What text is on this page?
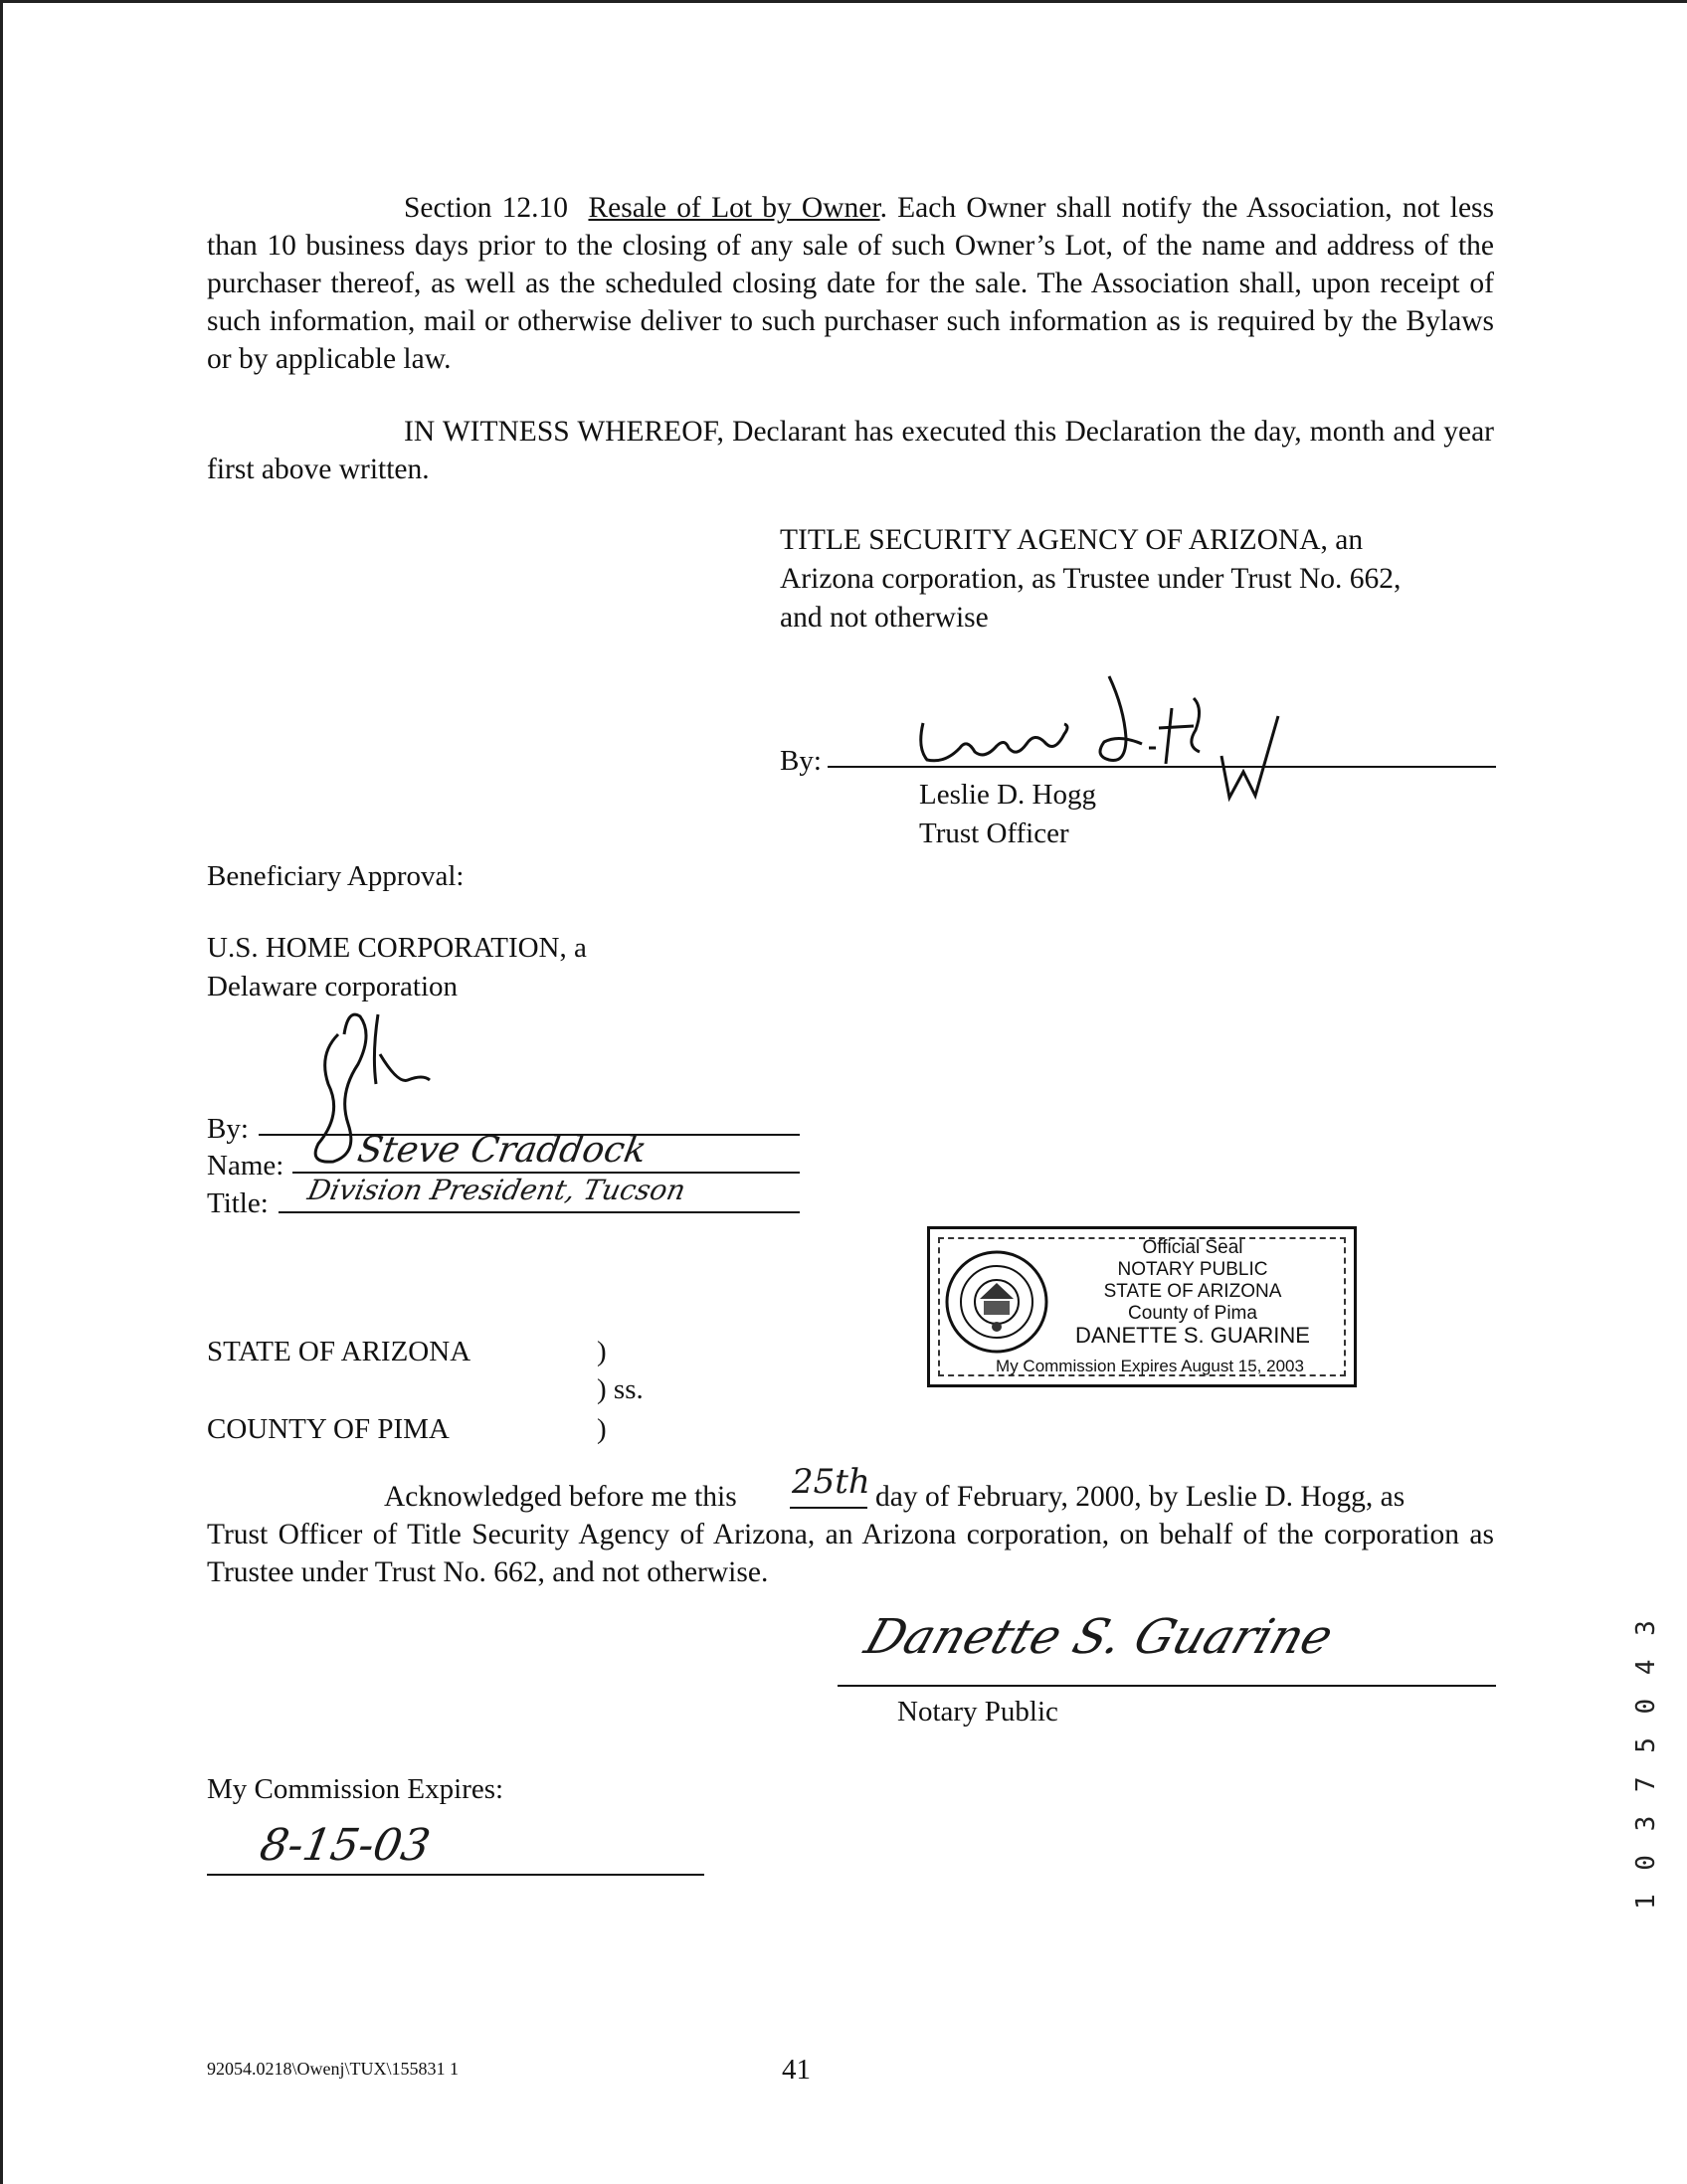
Section 12.10 Resale of Lot by Owner. Each Owner shall notify the Association, not less than 10 business days prior to the closing of any sale of such Owner’s Lot, of the name and address of the purchaser thereof, as well as the scheduled closing date for the sale. The Association shall, upon receipt of such information, mail or otherwise deliver to such purchaser such information as is required by the Bylaws or by applicable law.
IN WITNESS WHEREOF, Declarant has executed this Declaration the day, month and year first above written.
TITLE SECURITY AGENCY OF ARIZONA, an
Arizona corporation, as Trustee under Trust No. 662,
and not otherwise
By:
Leslie D. Hogg
Trust Officer
Beneficiary Approval:
U.S. HOME CORPORATION, a
Delaware corporation
By:
Name: Steve Craddock
Title: Division President, Tucson
Official Seal
NOTARY PUBLIC
STATE OF ARIZONA
County of Pima
DANETTE S. GUARINE
My Commission Expires August 15, 2003
STATE OF ARIZONA	)
) ss.
COUNTY OF PIMA	)
Acknowledged before me this 25th day of February, 2000, by Leslie D. Hogg, as
Trust Officer of Title Security Agency of Arizona, an Arizona corporation, on behalf of the corporation as Trustee under Trust No. 662, and not otherwise.
Danette S. Guarine
Notary Public
My Commission Expires:
8-15-03	1 0 3 7 5 0 4 3
92054.0218\Owenj\TUX\155831 1	41
